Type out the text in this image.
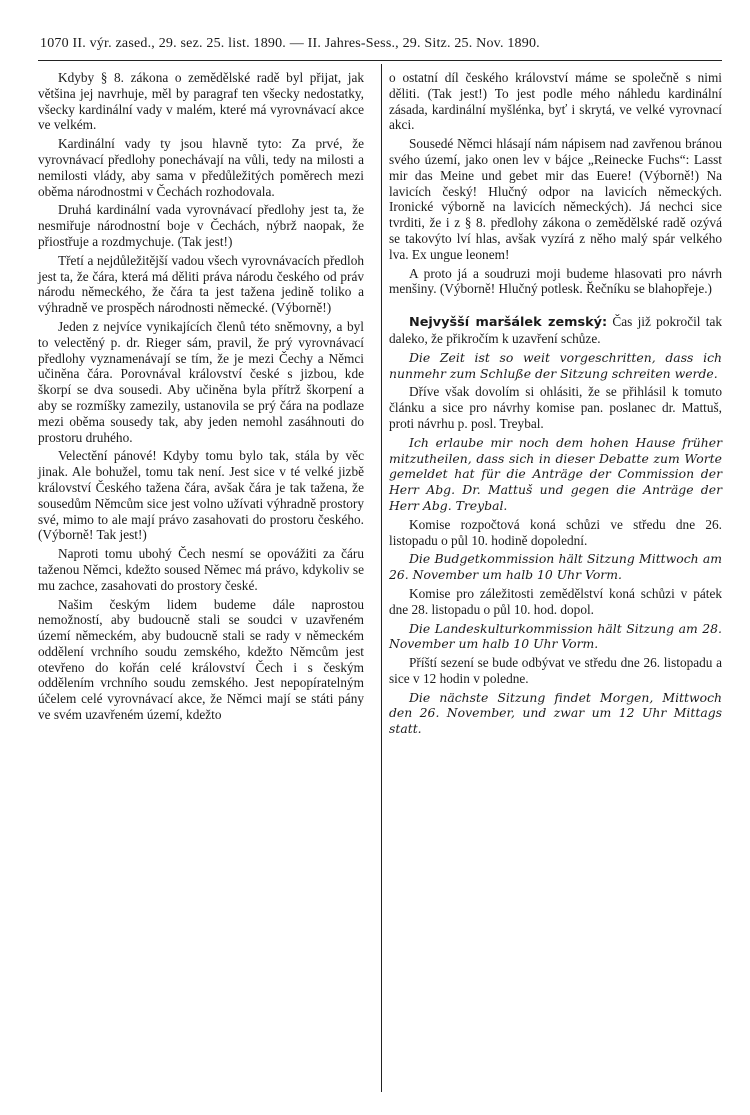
1070 II. výr. zased., 29. sez. 25. list. 1890. — II. Jahres-Sess., 29. Sitz. 25. Nov. 1890.

Kdyby § 8. zákona o zemědělské radě byl přijat, jak většina jej navrhuje, měl by paragraf ten všecky nedostatky, všecky kardinální vady v malém, které má vyrovnávací akce ve velkém.

Kardinální vady ty jsou hlavně tyto: Za prvé, že vyrovnávací předlohy ponechávají na vůli, tedy na milosti a nemilosti vlády, aby sama v předůležitých poměrech mezi oběma národnostmi v Čechách rozhodovala.

Druhá kardinální vada vyrovnávací předlohy jest ta, že nesmiřuje národnostní boje v Čechách, nýbrž naopak, že přiostřuje a rozdmychuje. (Tak jest!)

Třetí a nejdůležitější vadou všech vyrovnávacích předloh jest ta, že čára, která má děliti práva národu českého od práv národu německého, že čára ta jest tažena jedině toliko a výhradně ve prospěch národnosti německé. (Výborně!)

Jeden z nejvíce vynikajících členů této sněmovny, a byl to velectěný p. dr. Rieger sám, pravil, že prý vyrovnávací předlohy vyznamenávají se tím, že je mezi Čechy a Němci učiněna čára. Porovnával království české s jizbou, kde škorpí se dva sousedi. Aby učiněna byla přítrž škorpení a aby se rozmíšky zamezily, ustanovila se prý čára na podlaze mezi oběma sousedy tak, aby jeden nemohl zasáhnouti do prostoru druhého.

Velectění pánové! Kdyby tomu bylo tak, stála by věc jinak. Ale bohužel, tomu tak není. Jest sice v té velké jizbě království Českého tažena čára, avšak čára je tak tažena, že sousedům Němcům sice jest volno užívati výhradně prostory své, mimo to ale mají právo zasahovati do prostoru českého. (Výborně! Tak jest!)

Naproti tomu ubohý Čech nesmí se opovážiti za čáru taženou Němci, kdežto soused Němec má právo, kdykoliv se mu zachce, zasahovati do prostory české.

Našim českým lidem budeme dále naprostou nemožností, aby budoucně stali se soudci v uzavřeném území německém, aby budoucně stali se rady v německém oddělení vrchního soudu zemského, kdežto Němcům jest otevřeno do kořán celé království Čech i s českým oddělením vrchního soudu zemského. Jest nepopíratelným účelem celé vyrovnávací akce, že Němci mají se státi pány ve svém uzavřeném území, kdežto

o ostatní díl českého království máme se společně s nimi děliti. (Tak jest!) To jest podle mého náhledu kardinální zásada, kardinální myšlénka, byť i skrytá, ve velké vyrovnací akci.

Sousedé Němci hlásají nám nápisem nad zavřenou bránou svého území, jako onen lev v bájce „Reinecke Fuchs“: Lasst mir das Meine und gebet mir das Euere! (Výborně!) Na lavicích český! Hlučný odpor na lavicích německých. Ironické výborně na lavicích německých). Já nechci sice tvrditi, že i z § 8. předlohy zákona o zemědělské radě ozývá se takovýto lví hlas, avšak vyzírá z něho malý spár velkého lva. Ex ungue leonem!

A proto já a soudruzi moji budeme hlasovati pro návrh menšiny. (Výborně! Hlučný potlesk. Řečníku se blahopřeje.)

Nejvyšší maršálek zemský: Čas již pokročil tak daleko, že přikročím k uzavření schůze.

Die Zeit ist so weit vorgeschritten, dass ich nunmehr zum Schluße der Sitzung schreiten werde.

Dříve však dovolím si ohlásiti, že se přihlásil k tomuto článku a sice pro návrhy komise pan. poslanec dr. Mattuš, proti návrhu p. posl. Treybal.

Ich erlaube mir noch dem hohen Hause früher mitzutheilen, dass sich in dieser Debatte zum Worte gemeldet hat für die Anträge der Commission der Herr Abg. Dr. Mattuš und gegen die Anträge der Herr Abg. Treybal.

Komise rozpočtová koná schůzi ve středu dne 26. listopadu o půl 10. hodině dopolední.

Die Budgetkommission hält Sitzung Mittwoch am 26. November um halb 10 Uhr Vorm.

Komise pro záležitosti zemědělství koná schůzi v pátek dne 28. listopadu o půl 10. hod. dopol.

Die Landeskulturkommission hält Sitzung am 28. November um halb 10 Uhr Vorm.

Příští sezení se bude odbývat ve středu dne 26. listopadu a sice v 12 hodin v poledne.

Die nächste Sitzung findet Morgen, Mittwoch den 26. November, und zwar um 12 Uhr Mittags statt.
